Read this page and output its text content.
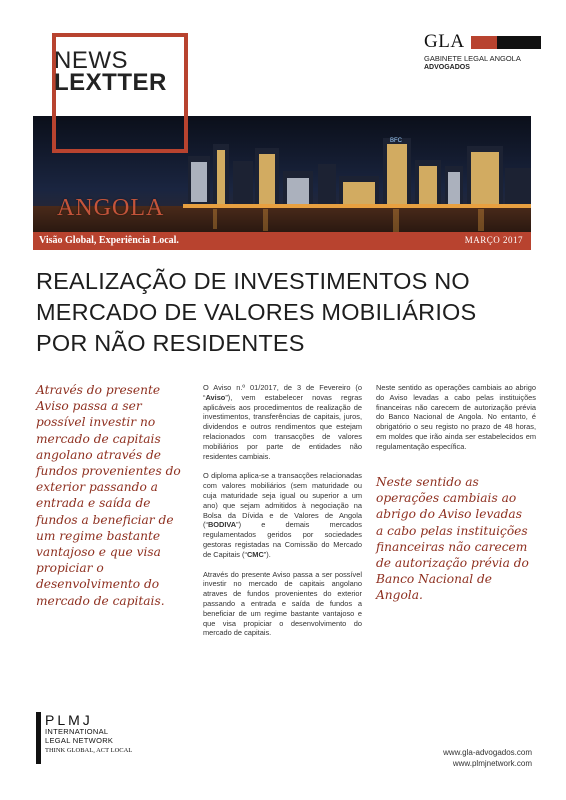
BFC
NEWS
LEXTTER
GLA
GABINETE LEGAL ANGOLA
ADVOGADOS
ANGOLA
Visão Global, Experiência Local.	MARÇO 2017
REALIZAÇÃO DE INVESTIMENTOS NO
MERCADO DE VALORES MOBILIÁRIOS
POR NÃO RESIDENTES
Através do presente Aviso passa a ser possível investir no mercado de capitais angolano através de fundos provenientes do exterior passando a entrada e saída de fundos a beneficiar de um regime bastante vantajoso e que visa propiciar o desenvolvimento do mercado de capitais.

O Aviso n.º 01/2017, de 3 de Fevereiro (o “Aviso”), vem estabelecer novas regras aplicáveis aos procedimentos de realização de investimentos, transferências de capitais, juros, dividendos e outros rendimentos que estejam relacionados com transacções de valores mobiliários por parte de entidades não residentes cambiais.

O diploma aplica-se a transacções relacionadas com valores mobiliários (sem maturidade ou cuja maturidade seja igual ou superior a um ano) que sejam admitidos à negociação na Bolsa da Dívida e de Valores de Angola (“BODIVA”) e demais mercados regulamentados geridos por sociedades gestoras registadas na Comissão do Mercado de Capitais (“CMC”).

Através do presente Aviso passa a ser possível investir no mercado de capitais angolano atraves de fundos provenientes do exterior passando a entrada e saída de fundos a beneficiar de um regime bastante vantajoso e que visa propiciar o desenvolvimento do mercado de capitais.

Neste sentido as operações cambiais ao abrigo do Aviso levadas a cabo pelas instituições financeiras não carecem de autorização prévia do Banco Nacional de Angola. No entanto, é obrigatório o seu registo no prazo de 48 horas, em moldes que irão ainda ser estabelecidos em regulamentação específica.

Neste sentido as operações cambiais ao abrigo do Aviso levadas a cabo pelas instituições financeiras não carecem de autorização prévia do Banco Nacional de Angola.
PLMJ
INTERNATIONAL
LEGAL NETWORK
THINK GLOBAL, ACT LOCAL	www.gla-advogados.com
www.plmjnetwork.com
